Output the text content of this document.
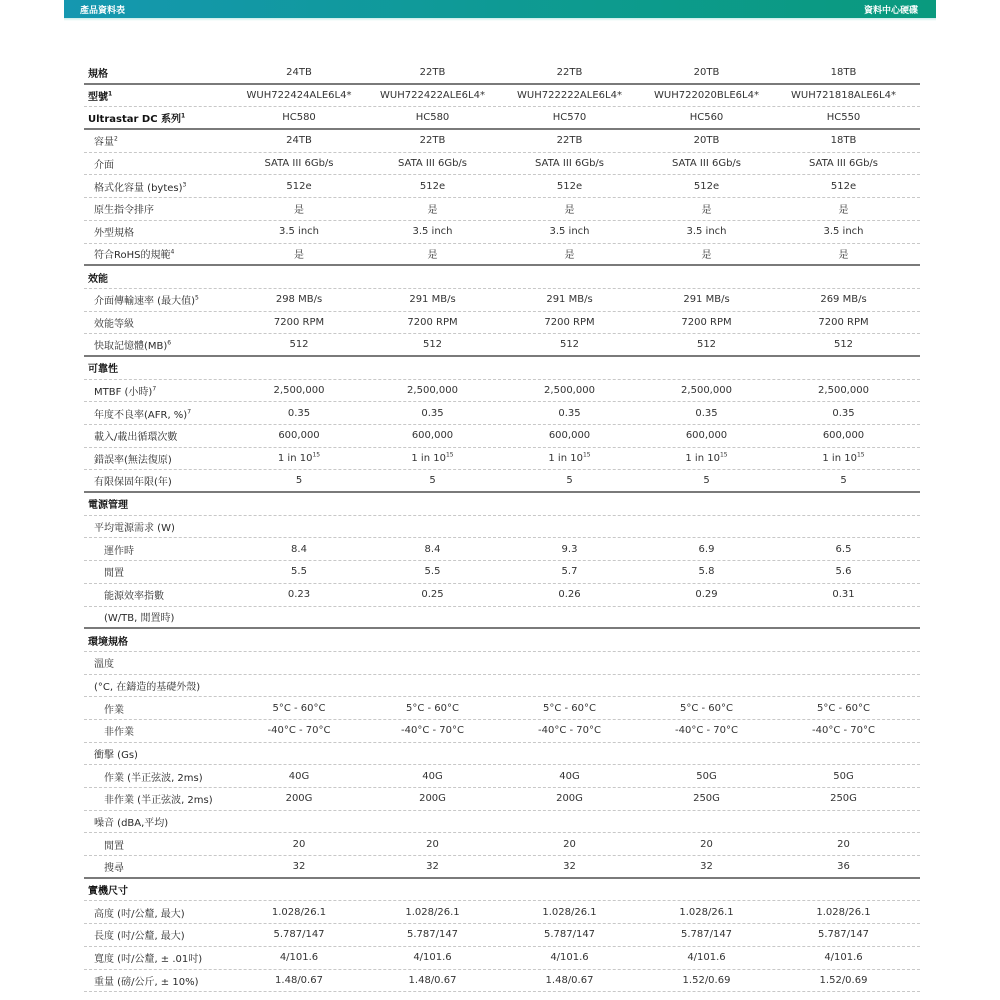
產品資料表	資料中心硬碟
規格	24TB	22TB	22TB	20TB	18TB
型號$^1$	WUH722424ALE6L4*	WUH722422ALE6L4*	WUH722222ALE6L4*	WUH722020BLE6L4*	WUH721818ALE6L4*
Ultrastar DC 系列$^1$	HC580	HC580	HC570	HC560	HC550
容量$^2$	24TB	22TB	22TB	20TB	18TB
介面	SATA III 6Gb/s	SATA III 6Gb/s	SATA III 6Gb/s	SATA III 6Gb/s	SATA III 6Gb/s
格式化容量 (bytes)$^3$	512e	512e	512e	512e	512e
原生指令排序	是	是	是	是	是
外型規格	3.5 inch	3.5 inch	3.5 inch	3.5 inch	3.5 inch
符合RoHS的規範$^4$	是	是	是	是	是
效能
介面傳輸速率 (最大值)$^5$	298 MB/s	291 MB/s	291 MB/s	291 MB/s	269 MB/s
效能等級	7200 RPM	7200 RPM	7200 RPM	7200 RPM	7200 RPM
快取記憶體(MB)$^6$	512	512	512	512	512
可靠性
MTBF (小時)$^7$	2,500,000	2,500,000	2,500,000	2,500,000	2,500,000
年度不良率(AFR, %)$^7$	0.35	0.35	0.35	0.35	0.35
載入/載出循環次數	600,000	600,000	600,000	600,000	600,000
錯誤率(無法復原)	1 in $10^{15}$	1 in $10^{15}$	1 in $10^{15}$	1 in $10^{15}$	1 in $10^{15}$
有限保固年限(年)	5	5	5	5	5
電源管理
平均電源需求 (W)
運作時	8.4	8.4	9.3	6.9	6.5
閒置	5.5	5.5	5.7	5.8	5.6
能源效率指數	0.23	0.25	0.26	0.29	0.31
(W/TB, 閒置時)
環境規格
溫度
(°C, 在鑄造的基礎外殼)
作業	5°C - 60°C	5°C - 60°C	5°C - 60°C	5°C - 60°C	5°C - 60°C
非作業	-40°C - 70°C	-40°C - 70°C	-40°C - 70°C	-40°C - 70°C	-40°C - 70°C
衝擊 (Gs)
作業 (半正弦波, 2ms)	40G	40G	40G	50G	50G
非作業 (半正弦波, 2ms)	200G	200G	200G	250G	250G
噪音 (dBA,平均)
閒置	20	20	20	20	20
搜尋	32	32	32	32	36
實機尺寸
高度 (吋/公釐, 最大)	1.028/26.1	1.028/26.1	1.028/26.1	1.028/26.1	1.028/26.1
長度 (吋/公釐, 最大)	5.787/147	5.787/147	5.787/147	5.787/147	5.787/147
寬度 (吋/公釐, ± .01吋)	4/101.6	4/101.6	4/101.6	4/101.6	4/101.6
重量 (磅/公斤, ± 10%)	1.48/0.67	1.48/0.67	1.48/0.67	1.52/0.69	1.52/0.69
